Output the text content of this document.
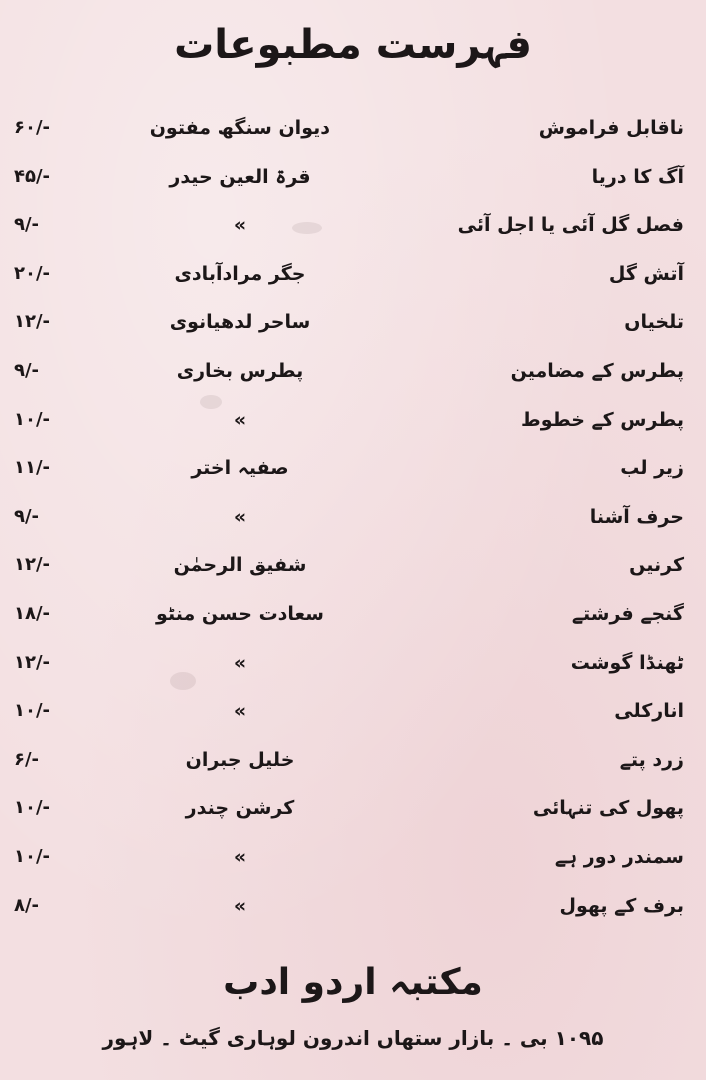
فہرست مطبوعات
ناقابل فراموش
دیوان سنگھ مفتون
۶۰/-
آگ کا دریا
قرۃ العین حیدر
۴۵/-
فصل گل آئی یا اجل آئی
»
۹/-
آتش گل
جگر مرادآبادی
۲۰/-
تلخیاں
ساحر لدھیانوی
۱۲/-
پطرس کے مضامین
پطرس بخاری
۹/-
پطرس کے خطوط
»
۱۰/-
زیر لب
صفیہ اختر
۱۱/-
حرف آشنا
»
۹/-
کرنیں
شفیق الرحمٰن
۱۲/-
گنجے فرشتے
سعادت حسن منٹو
۱۸/-
ٹھنڈا گوشت
»
۱۲/-
انارکلی
»
۱۰/-
زرد پتے
خلیل جبران
۶/-
پھول کی تنہائی
کرشن چندر
۱۰/-
سمندر دور ہے
»
۱۰/-
برف کے پھول
»
۸/-
مکتبہ اردو ادب
۱۰۹۵ بی ۔ بازار ستھاں اندرون لوہاری گیٹ ۔ لاہور
